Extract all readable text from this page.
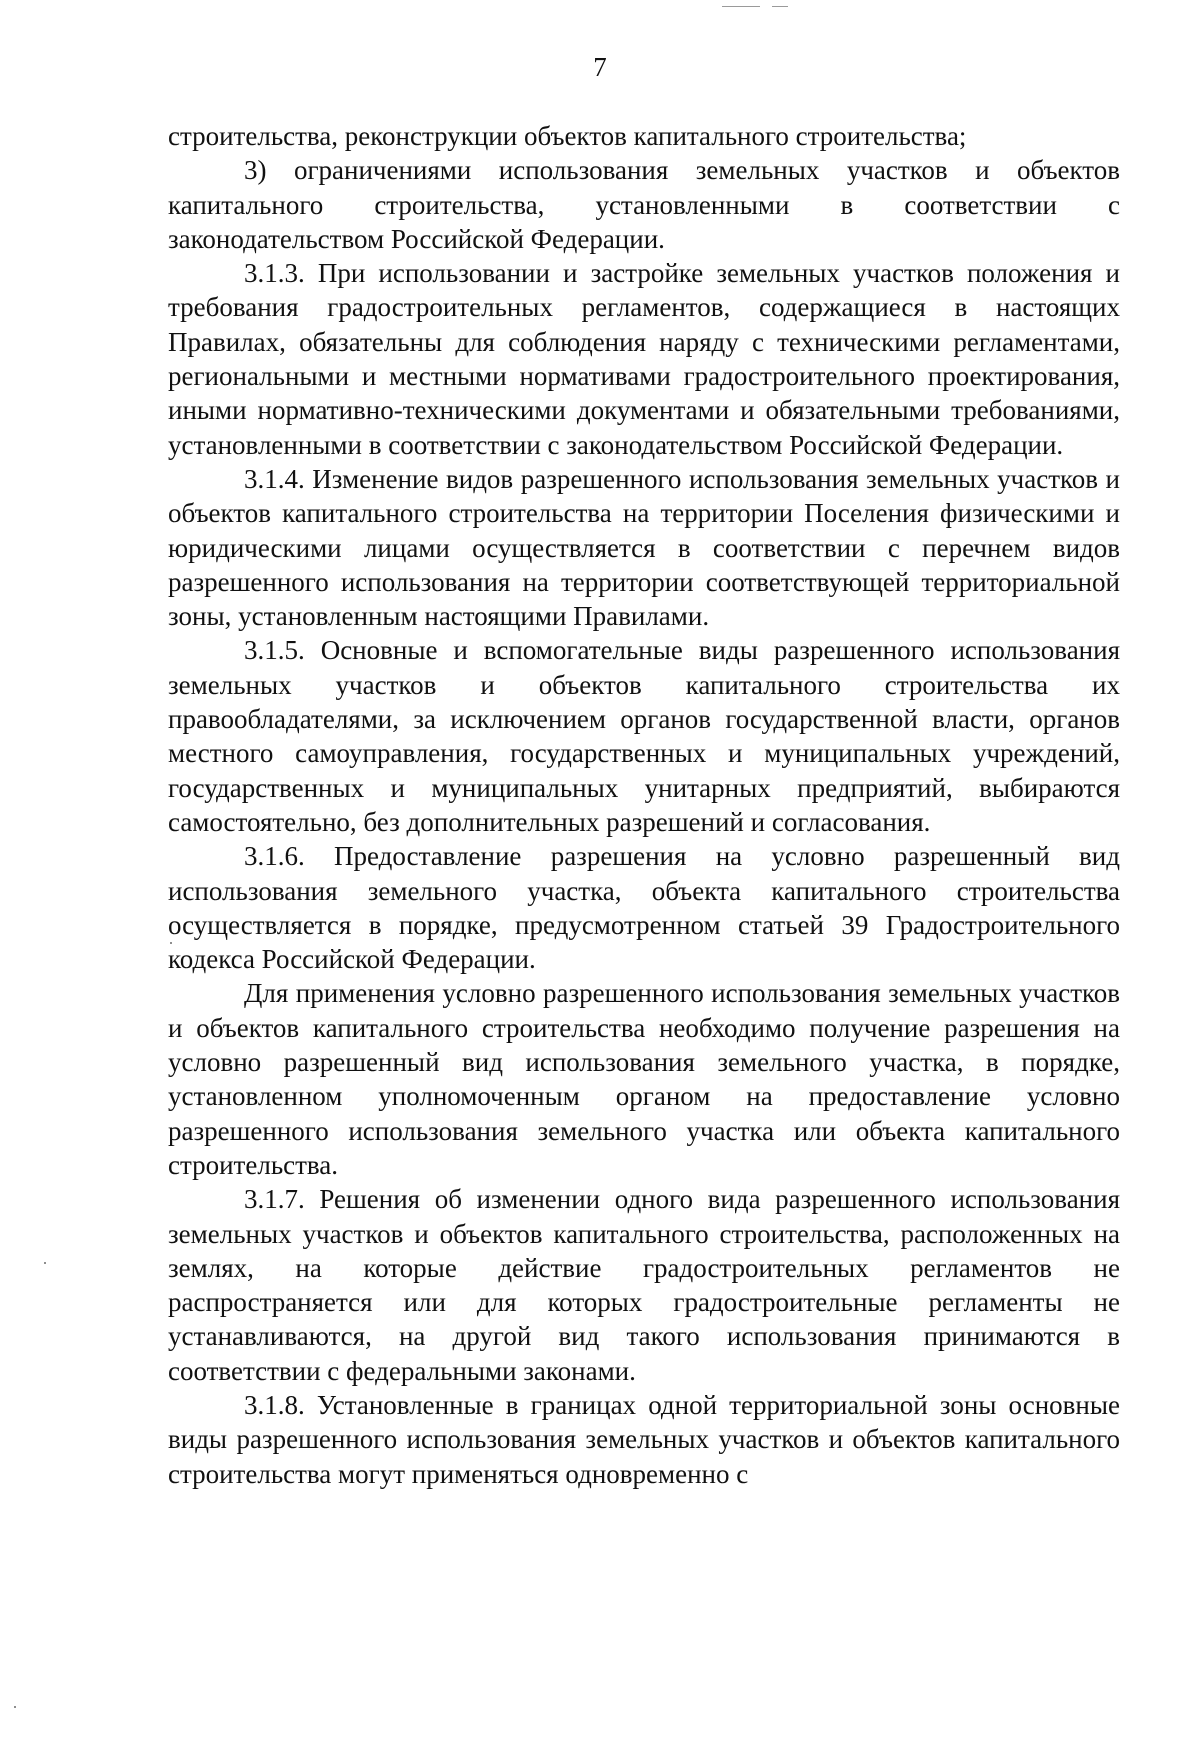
7

строительства, реконструкции объектов капитального строительства;

3) ограничениями использования земельных участков и объектов капитального строительства, установленными в соответствии с законодательством Российской Федерации.

3.1.3. При использовании и застройке земельных участков положения и требования градостроительных регламентов, содержащиеся в настоящих Правилах, обязательны для соблюдения наряду с техническими регламентами, региональными и местными нормативами градостроительного проектирования, иными нормативно-техническими документами и обязательными требованиями, установленными в соответствии с законодательством Российской Федерации.

3.1.4. Изменение видов разрешенного использования земельных участков и объектов капитального строительства на территории Поселения физическими и юридическими лицами осуществляется в соответствии с перечнем видов разрешенного использования на территории соответствующей территориальной зоны, установленным настоящими Правилами.

3.1.5. Основные и вспомогательные виды разрешенного использования земельных участков и объектов капитального строительства их правообладателями, за исключением органов государственной власти, органов местного самоуправления, государственных и муниципальных учреждений, государственных и муниципальных унитарных предприятий, выбираются самостоятельно, без дополнительных разрешений и согласования.

3.1.6. Предоставление разрешения на условно разрешенный вид использования земельного участка, объекта капитального строительства осуществляется в порядке, предусмотренном статьей 39 Градостроительного кодекса Российской Федерации.

Для применения условно разрешенного использования земельных участков и объектов капитального строительства необходимо получение разрешения на условно разрешенный вид использования земельного участка, в порядке, установленном уполномоченным органом на предоставление условно разрешенного использования земельного участка или объекта капитального строительства.

3.1.7. Решения об изменении одного вида разрешенного использования земельных участков и объектов капитального строительства, расположенных на землях, на которые действие градостроительных регламентов не распространяется или для которых градостроительные регламенты не устанавливаются, на другой вид такого использования принимаются в соответствии с федеральными законами.

3.1.8. Установленные в границах одной территориальной зоны основные виды разрешенного использования земельных участков и объектов капитального строительства могут применяться одновременно с
